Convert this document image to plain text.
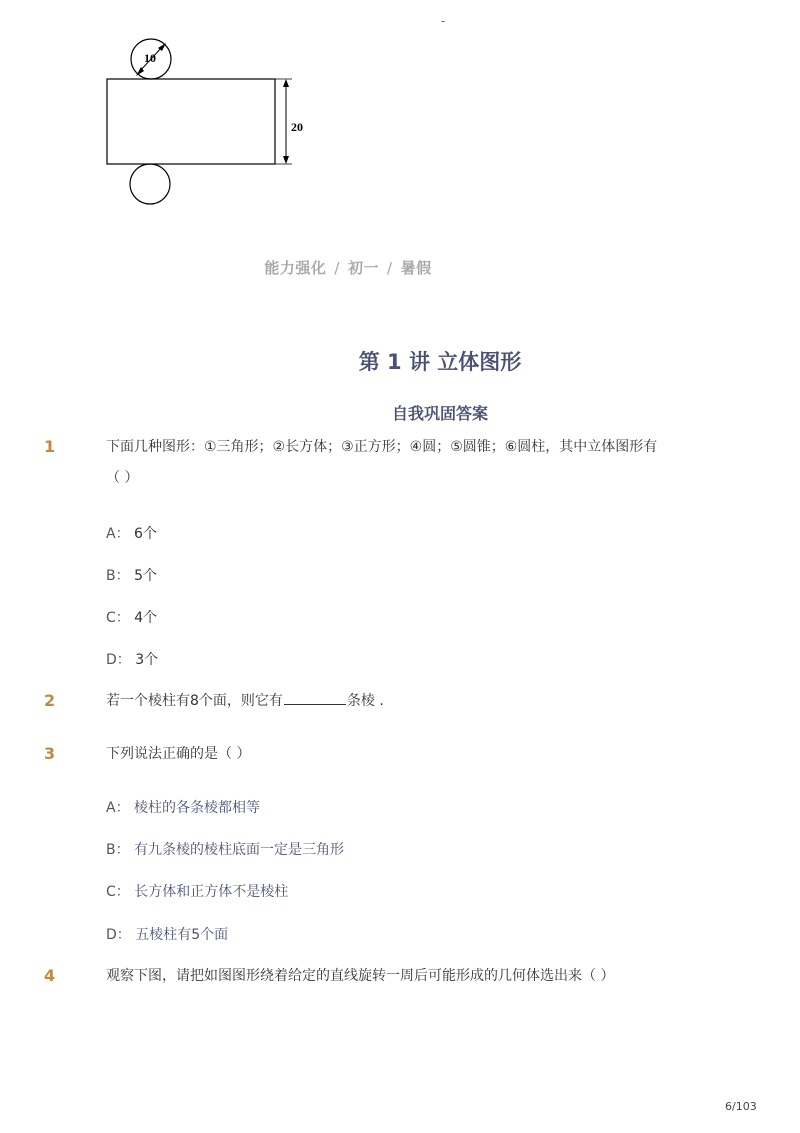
-
10
20
能力强化 / 初一 / 暑假
第 1 讲 立体图形
自我巩固答案
1	下面几种图形：①三角形；②长方体；③正方形；④圆；⑤圆锥；⑥圆柱，其中立体图形有
（ ）
A： 6个
B： 5个
C： 4个
D： 3个
2	若一个棱柱有8个面，则它有	条棱 .
3	下列说法正确的是（ ）
A： 棱柱的各条棱都相等
B： 有九条棱的棱柱底面一定是三角形
C： 长方体和正方体不是棱柱
D： 五棱柱有5个面
4	观察下图，请把如图图形绕着给定的直线旋转一周后可能形成的几何体选出来（ ）
6/103
